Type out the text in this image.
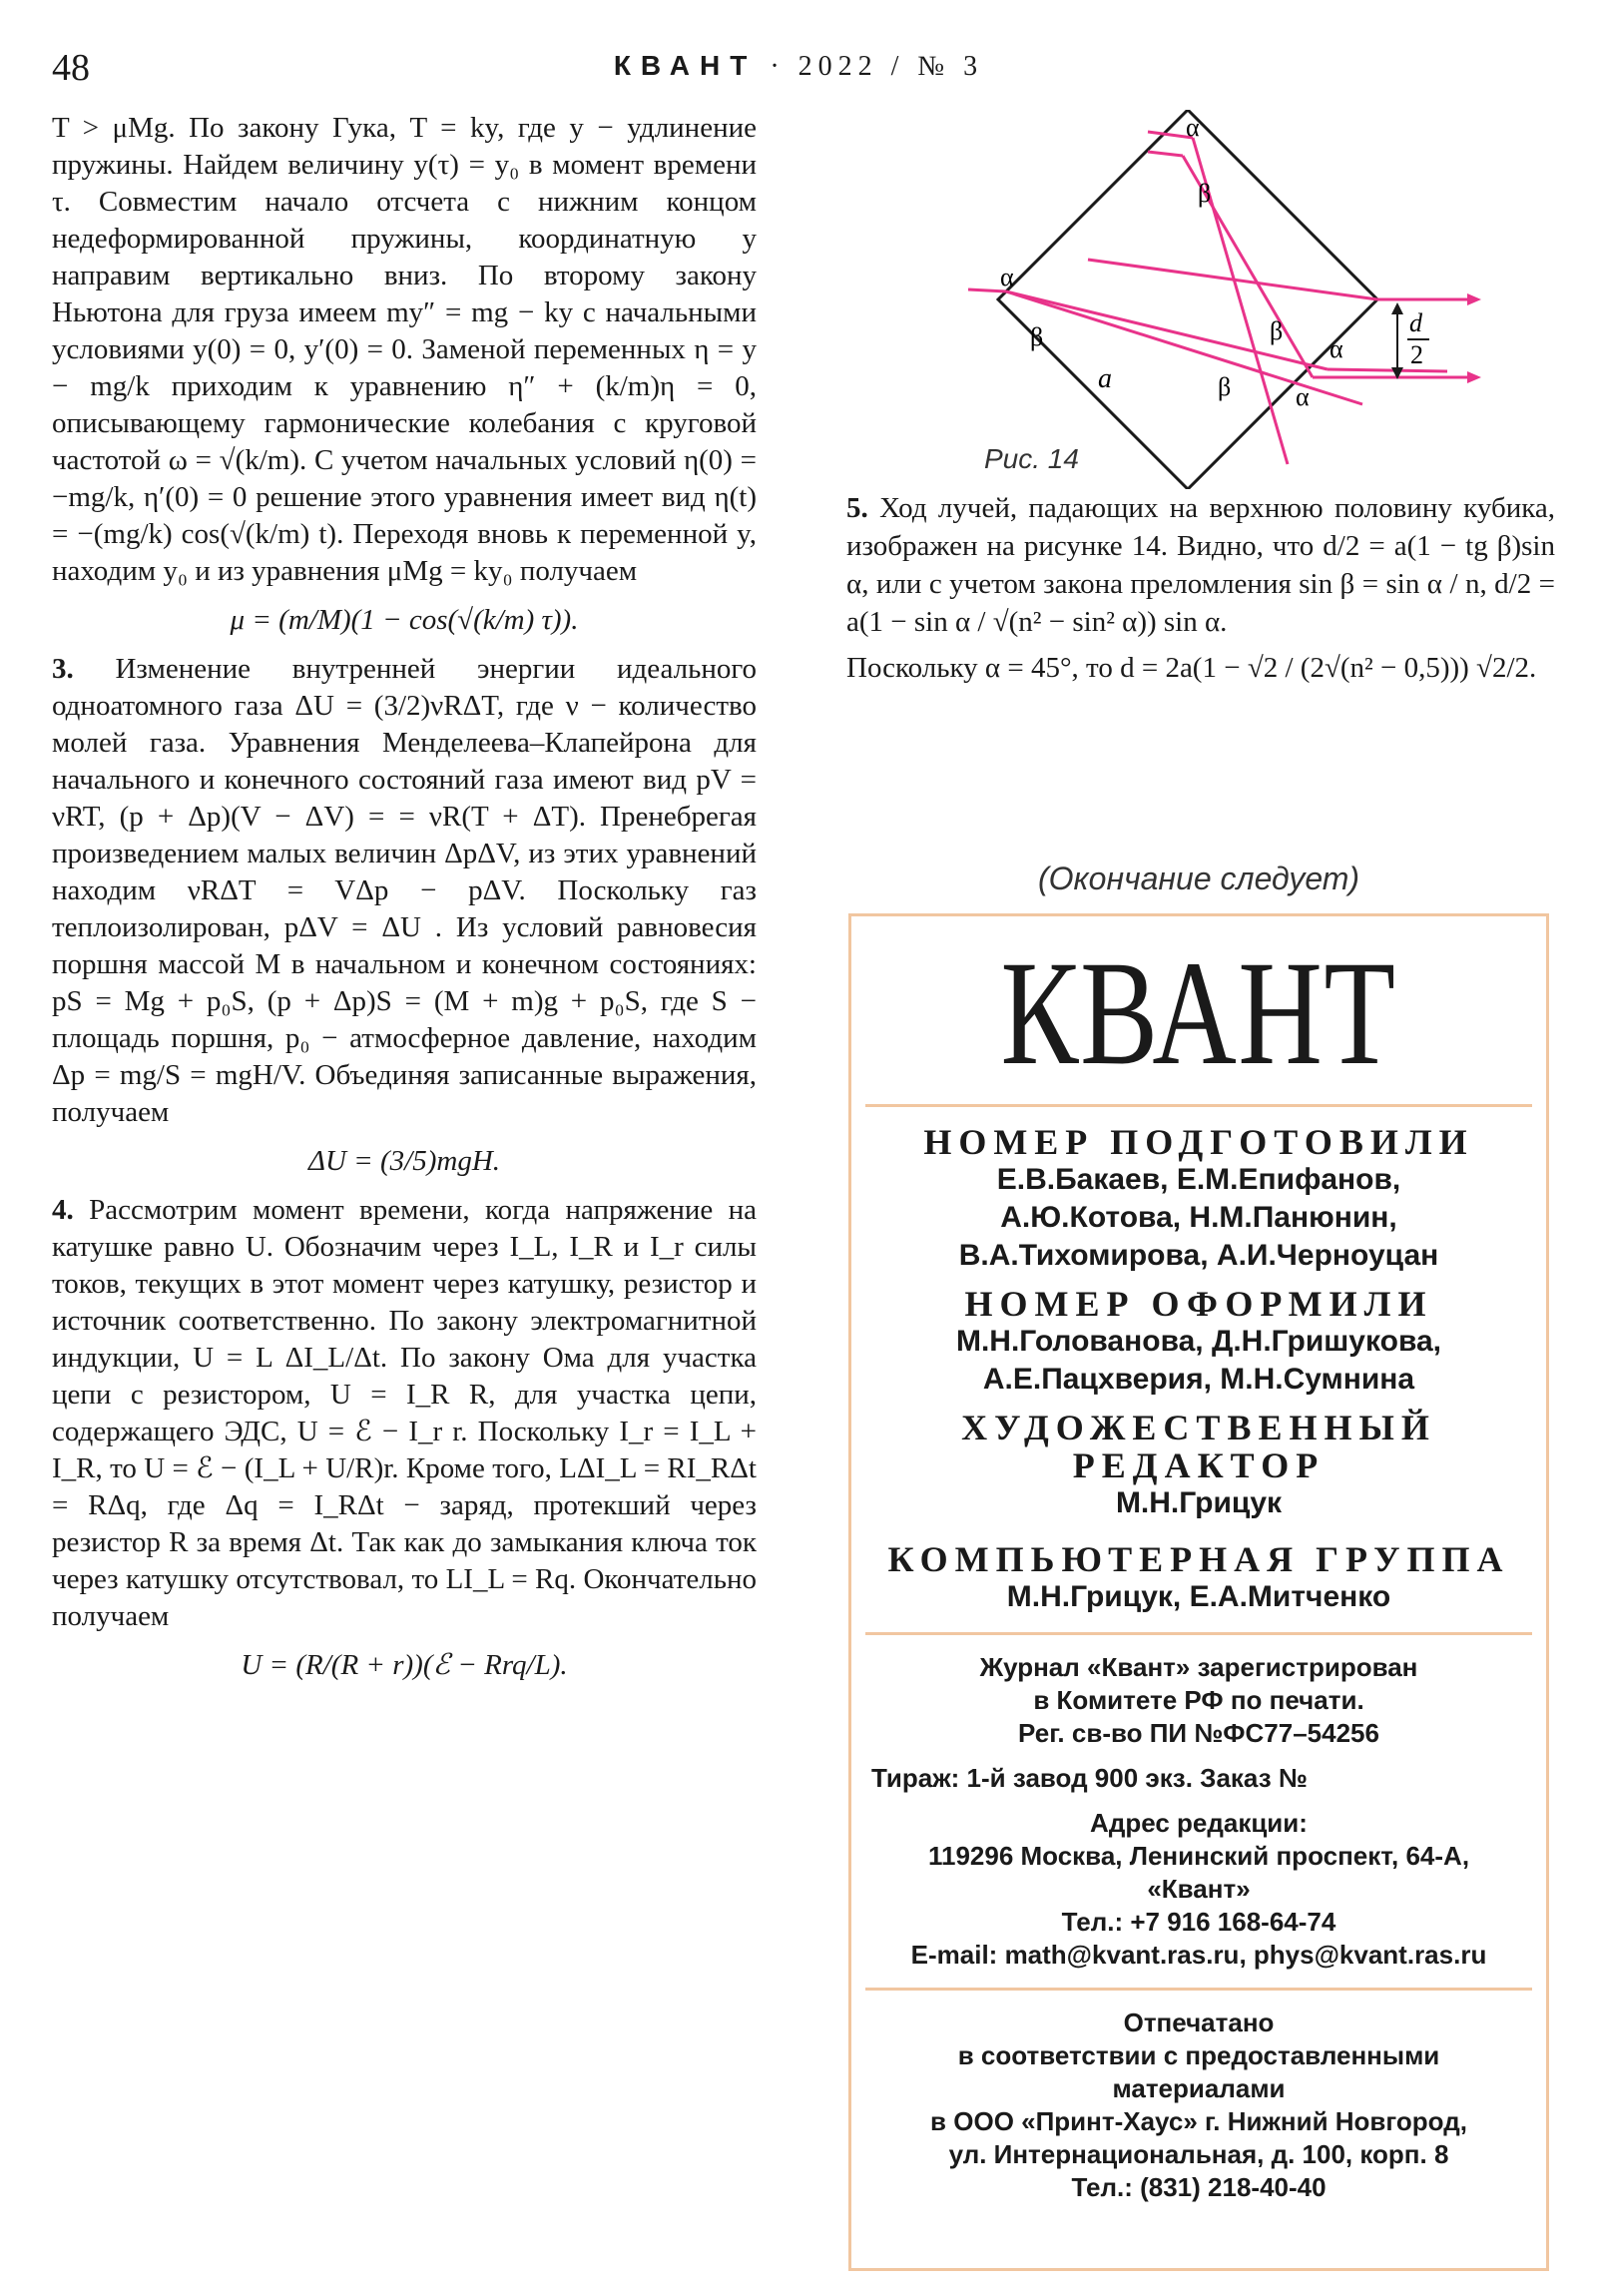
48	КВАНТ · 2022 / № 3

T > μMg. По закону Гука, T = ky, где y − удлинение пружины. Найдем величину y(τ) = y₀ в момент времени τ. Совместим начало отсчета с нижним концом недеформированной пружины, координатную y направим вертикально вниз. По второму закону Ньютона для груза имеем my″ = mg − ky с начальными условиями y(0) = 0, y′(0) = 0. Заменой переменных η = y − mg/k приходим к уравнению η″ + (k/m)η = 0, описывающему гармонические колебания с круговой частотой ω = √(k/m). С учетом начальных условий η(0) = −mg/k, η′(0) = 0 решение этого уравнения имеет вид η(t) = −(mg/k) cos(√(k/m) t). Переходя вновь к переменной y, находим y₀ и из уравнения μMg = ky₀ получаем

μ = (m/M)(1 − cos(√(k/m) τ)).

3. Изменение внутренней энергии идеального одноатомного газа ΔU = (3/2)νRΔT, где ν − количество молей газа. Уравнения Менделеева–Клапейрона для начального и конечного состояний газа имеют вид pV = νRT, (p + Δp)(V − ΔV) = = νR(T + ΔT). Пренебрегая произведением малых величин ΔpΔV, из этих уравнений находим νRΔT = VΔp − pΔV. Поскольку газ теплоизолирован, pΔV = ΔU . Из условий равновесия поршня массой M в начальном и конечном состояниях: pS = Mg + p₀S, (p + Δp)S = (M + m)g + p₀S, где S − площадь поршня, p₀ − атмосферное давление, находим Δp = mg/S = mgH/V. Объединяя записанные выражения, получаем

ΔU = (3/5)mgH.

4. Рассмотрим момент времени, когда напряжение на катушке равно U. Обозначим через I_L, I_R и I_r силы токов, текущих в этот момент через катушку, резистор и источник соответственно. По закону электромагнитной индукции, U = L ΔI_L/Δt. По закону Ома для участка цепи с резистором, U = I_R R, для участка цепи, содержащего ЭДС, U = ℰ − I_r r. Поскольку I_r = I_L + I_R, то U = ℰ − (I_L + U/R)r. Кроме того, LΔI_L = RI_RΔt = RΔq, где Δq = I_RΔt − заряд, протекший через резистор R за время Δt. Так как до замыкания ключа ток через катушку отсутствовал, то LI_L = Rq. Окончательно получаем

U = (R/(R + r))(ℰ − Rrq/L).

d
2
α
β
α
β	β
α
β α
a
Рис. 14

5. Ход лучей, падающих на верхнюю половину кубика, изображен на рисунке 14. Видно, что d/2 = a(1 − tg β)sin α, или с учетом закона преломления sin β = sin α / n, d/2 = a(1 − sin α / √(n² − sin² α)) sin α.

Поскольку α = 45°, то d = 2a(1 − √2 / (2√(n² − 0,5))) √2/2.

(Окончание следует)
КВАНТ
НОМЕР ПОДГОТОВИЛИ
Е.В.Бакаев, Е.М.Епифанов,
А.Ю.Котова, Н.М.Панюнин,
В.А.Тихомирова, А.И.Черноуцан
НОМЕР ОФОРМИЛИ
М.Н.Голованова, Д.Н.Гришукова,
А.Е.Пацхверия, М.Н.Сумнина
ХУДОЖЕСТВЕННЫЙ
РЕДАКТОР
М.Н.Грицук
КОМПЬЮТЕРНАЯ ГРУППА
М.Н.Грицук, Е.А.Митченко
Журнал «Квант» зарегистрирован
в Комитете РФ по печати.
Рег. св-во ПИ №ФС77–54256
Тираж: 1-й завод 900 экз. Заказ №
Адрес редакции:
119296 Москва, Ленинский проспект, 64-А,
«Квант»
Тел.: +7 916 168-64-74
E-mail: math@kvant.ras.ru, phys@kvant.ras.ru
Отпечатано
в соответствии с предоставленными
материалами
в ООО «Принт-Хаус» г. Нижний Новгород,
ул. Интернациональная, д. 100, корп. 8
Тел.: (831) 218-40-40
